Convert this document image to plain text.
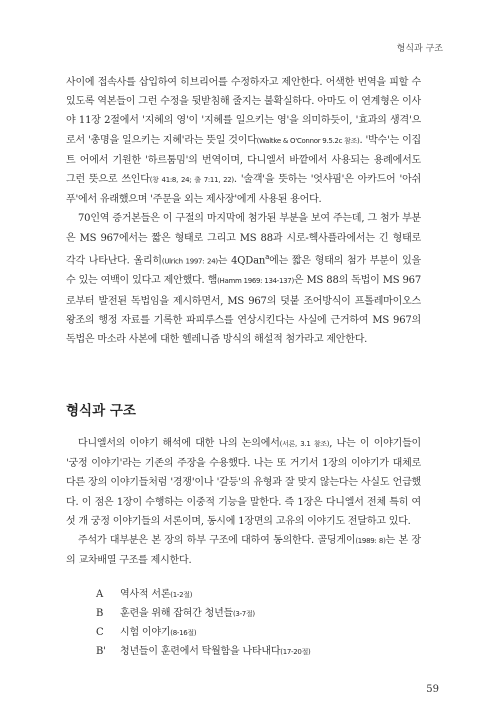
형식과 구조

사이에 접속사를 삽입하여 히브리어를 수정하자고 제안한다. 어색한 번역을 피할 수 있도록 역본들이 그런 수정을 뒷받침해 줄지는 불확실하다. 아마도 이 연계형은 이사야 11장 2절에서 '지혜의 영'이 '지혜를 일으키는 영'을 의미하듯이, '효과의 생격'으로서 '총명을 일으키는 지혜'라는 뜻일 것이다(Waltke & O'Connor 9.5.2c 참조). '박수'는 이집트 어에서 기원한 '하르툼밈'의 번역이며, 다니엘서 바깥에서 사용되는 용례에서도 그런 뜻으로 쓰인다(창 41:8, 24; 출 7:11, 22). '술객'을 뜻하는 '엇샤핌'은 아카드어 '아쉬푸'에서 유래했으며 '주문을 외는 제사장'에게 사용된 용어다.

70인역 증거본들은 이 구절의 마지막에 첨가된 부분을 보여 주는데, 그 첨가 부분은 MS 967에서는 짧은 형태로 그리고 MS 88과 시로-헥사플라에서는 긴 형태로 각각 나타난다. 울리히(Ulrich 1997: 24)는 4QDan$^a$에는 짧은 형태의 첨가 부분이 있을 수 있는 여백이 있다고 제안했다. 햄(Hamm 1969: 134-137)은 MS 88의 독법이 MS 967로부터 발전된 독법임을 제시하면서, MS 967의 덧붙 조어방식이 프톨레마이오스 왕조의 행정 자료를 기록한 파피루스를 연상시킨다는 사실에 근거하여 MS 967의 독법은 마소라 사본에 대한 헬레니즘 방식의 해설적 첨가라고 제안한다.

형식과 구조

다니엘서의 이야기 해석에 대한 나의 논의에서(서론, 3.1 참조), 나는 이 이야기들이 '궁정 이야기'라는 기존의 주장을 수용했다. 나는 또 거기서 1장의 이야기가 대체로 다른 장의 이야기들처럼 '경쟁'이나 '갈등'의 유형과 잘 맞지 않는다는 사실도 언급했다. 이 점은 1장이 수행하는 이중적 기능을 말한다. 즉 1장은 다니엘서 전체 특히 여섯 개 궁정 이야기들의 서론이며, 동시에 1장면의 고유의 이야기도 전달하고 있다.

주석가 대부분은 본 장의 하부 구조에 대하여 동의한다. 골딩게이(1989: 8)는 본 장의 교차배열 구조를 제시한다.

A 역사적 서론(1-2절)
B 훈련을 위해 잡혀간 청년들(3-7절)
C 시험 이야기(8-16절)
B' 청년들이 훈련에서 탁월함을 나타내다(17-20절)
59
